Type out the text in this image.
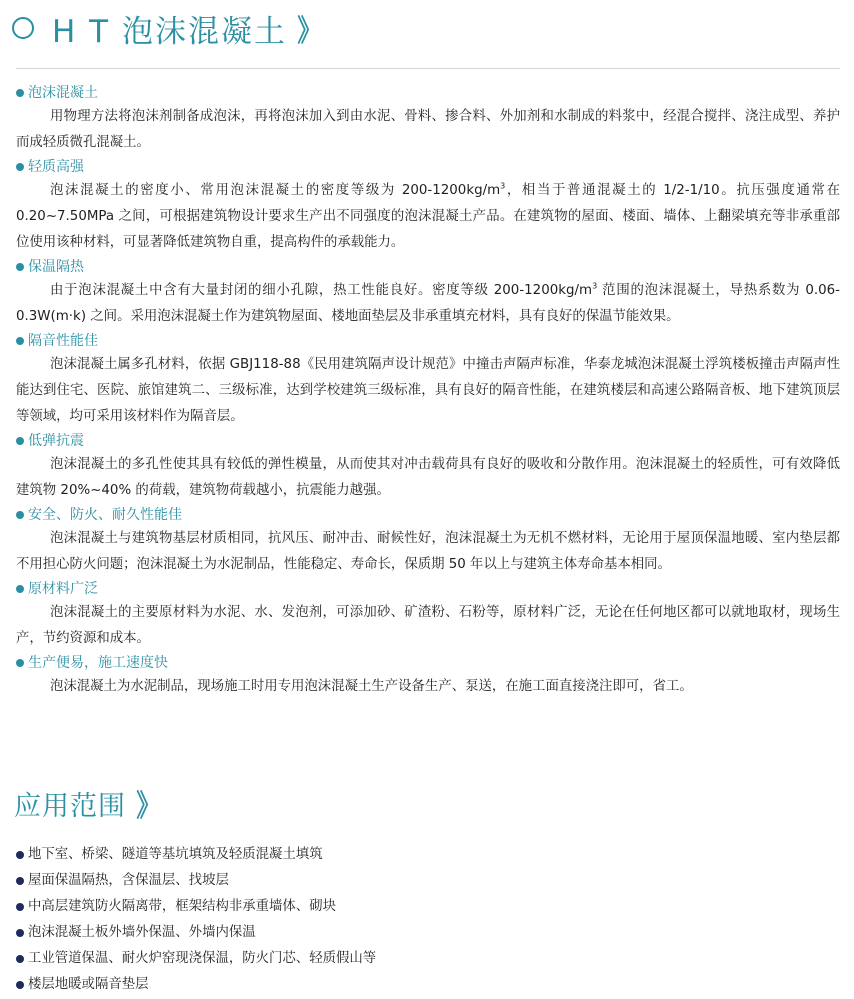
H T 泡沫混凝土 》
泡沫混凝土

用物理方法将泡沫剂制备成泡沫，再将泡沫加入到由水泥、骨料、掺合料、外加剂和水制成的料浆中，经混合搅拌、浇注成型、养护而成轻质微孔混凝土。

轻质高强

泡沫混凝土的密度小、常用泡沫混凝土的密度等级为 $200-1200kg/m^3$，相当于普通混凝土的 1/2-1/10。抗压强度通常在 0.20~7.50MPa 之间，可根据建筑物设计要求生产出不同强度的泡沫混凝土产品。在建筑物的屋面、楼面、墙体、上翻梁填充等非承重部位使用该种材料，可显著降低建筑物自重，提高构件的承载能力。

保温隔热

由于泡沫混凝土中含有大量封闭的细小孔隙，热工性能良好。密度等级 $200-1200kg/m^3$ 范围的泡沫混凝土，导热系数为 0.06-0.3W(m·k) 之间。采用泡沫混凝土作为建筑物屋面、楼地面垫层及非承重填充材料，具有良好的保温节能效果。

隔音性能佳

泡沫混凝土属多孔材料，依据 GBJ118-88《民用建筑隔声设计规范》中撞击声隔声标准，华泰龙城泡沫混凝土浮筑楼板撞击声隔声性能达到住宅、医院、旅馆建筑二、三级标准，达到学校建筑三级标准，具有良好的隔音性能，在建筑楼层和高速公路隔音板、地下建筑顶层等领域，均可采用该材料作为隔音层。

低弹抗震

泡沫混凝土的多孔性使其具有较低的弹性模量，从而使其对冲击载荷具有良好的吸收和分散作用。泡沫混凝土的轻质性，可有效降低建筑物 20%~40% 的荷载，建筑物荷载越小，抗震能力越强。

安全、防火、耐久性能佳

泡沫混凝土与建筑物基层材质相同，抗风压、耐冲击、耐候性好，泡沫混凝土为无机不燃材料，无论用于屋顶保温地暖、室内垫层都不用担心防火问题；泡沫混凝土为水泥制品，性能稳定、寿命长，保质期 50 年以上与建筑主体寿命基本相同。

原材料广泛

泡沫混凝土的主要原材料为水泥、水、发泡剂，可添加砂、矿渣粉、石粉等，原材料广泛，无论在任何地区都可以就地取材，现场生产，节约资源和成本。

生产便易，施工速度快

泡沫混凝土为水泥制品，现场施工时用专用泡沫混凝土生产设备生产、泵送，在施工面直接浇注即可，省工。

应用范围 》
地下室、桥梁、隧道等基坑填筑及轻质混凝土填筑
屋面保温隔热，含保温层、找坡层
中高层建筑防火隔离带，框架结构非承重墙体、砌块
泡沫混凝土板外墙外保温、外墙内保温
工业管道保温、耐火炉窑现浇保温，防火门芯、轻质假山等
楼层地暖或隔音垫层
